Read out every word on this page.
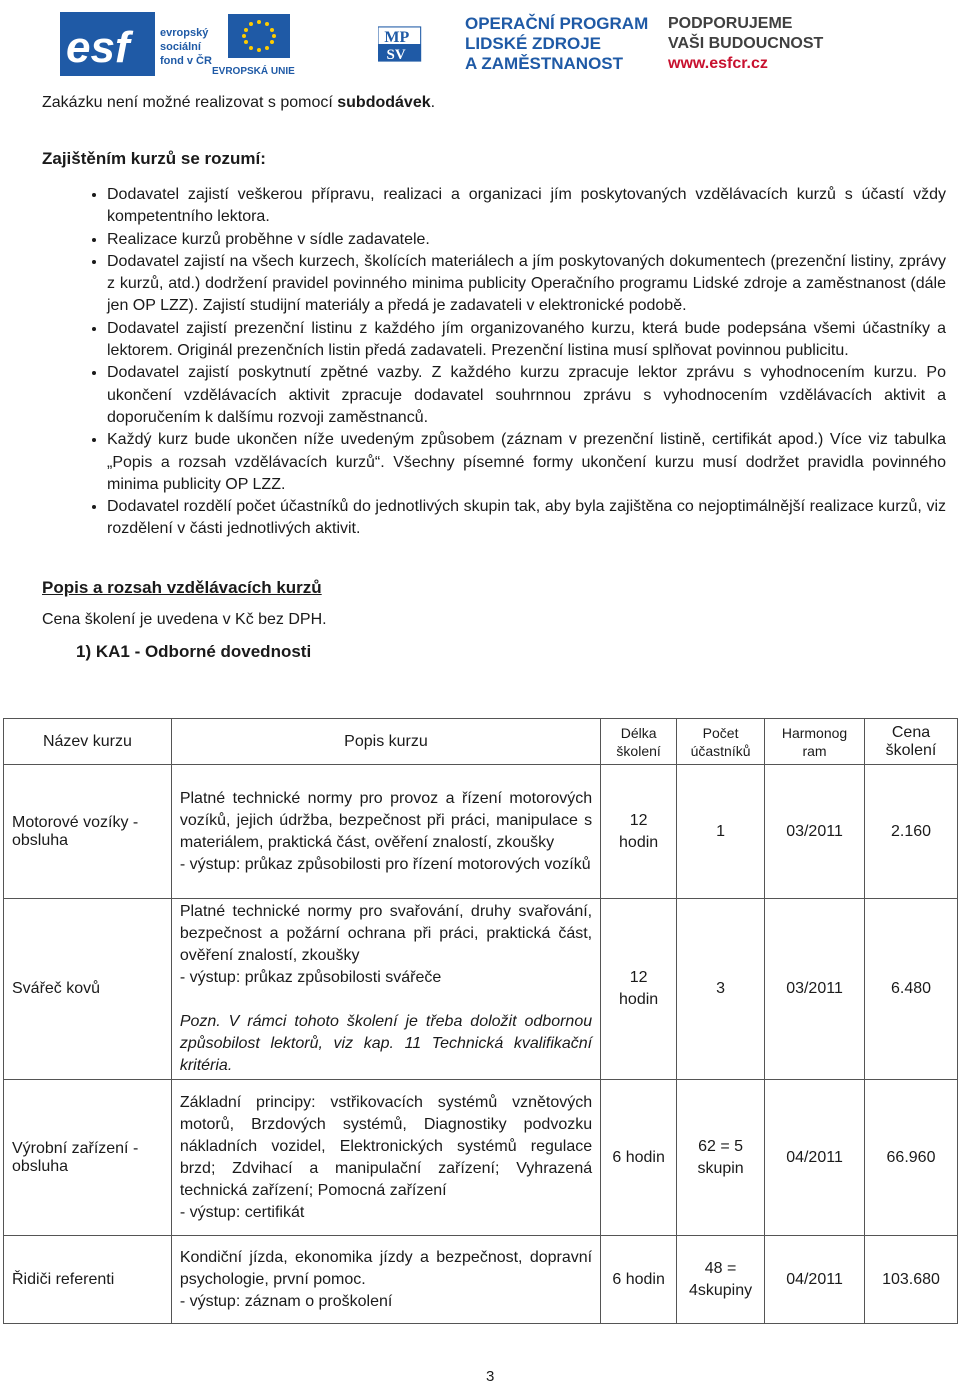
esf	evropský
sociální
fond v ČR
EVROPSKÁ UNIE
MP
SV
OPERAČNÍ PROGRAM
LIDSKÉ ZDROJE
A ZAMĚSTNANOST
PODPORUJEME
VAŠI BUDOUCNOST
www.esfcr.cz

Zakázku není možné realizovat s pomocí subdodávek.

Zajištěním kurzů se rozumí:

• Dodavatel zajistí veškerou přípravu, realizaci a organizaci jím poskytovaných vzdělávacích kurzů s účastí vždy kompetentního lektora.
• Realizace kurzů proběhne v sídle zadavatele.
• Dodavatel zajistí na všech kurzech, školících materiálech a jím poskytovaných dokumentech (prezenční listiny, zprávy z kurzů, atd.) dodržení pravidel povinného minima publicity Operačního programu Lidské zdroje a zaměstnanost (dále jen OP LZZ). Zajistí studijní materiály a předá je zadavateli v elektronické podobě.
• Dodavatel zajistí prezenční listinu z každého jím organizovaného kurzu, která bude podepsána všemi účastníky a lektorem. Originál prezenčních listin předá zadavateli. Prezenční listina musí splňovat povinnou publicitu.
• Dodavatel zajistí poskytnutí zpětné vazby. Z každého kurzu zpracuje lektor zprávu s vyhodnocením kurzu. Po ukončení vzdělávacích aktivit zpracuje dodavatel souhrnnou zprávu s vyhodnocením vzdělávacích aktivit a doporučením k dalšímu rozvoji zaměstnanců.
• Každý kurz bude ukončen níže uvedeným způsobem (záznam v prezenční listině, certifikát apod.) Více viz tabulka „Popis a rozsah vzdělávacích kurzů“. Všechny písemné formy ukončení kurzu musí dodržet pravidla povinného minima publicity OP LZZ.
• Dodavatel rozdělí počet účastníků do jednotlivých skupin tak, aby byla zajištěna co nejoptimálnější realizace kurzů, viz rozdělení v části jednotlivých aktivit.

Popis a rozsah vzdělávacích kurzů

Cena školení je uvedena v Kč bez DPH.

1) KA1 - Odborné dovednosti

Název kurzu	Popis kurzu	Délka školení	Počet účastníků	Harmonog ram	Cena školení
Motorové vozíky - obsluha	Platné technické normy pro provoz a řízení motorových vozíků, jejich údržba, bezpečnost při práci, manipulace s materiálem, praktická část, ověření znalostí, zkoušky
- výstup: průkaz způsobilosti pro řízení motorových vozíků	12 hodin	1	03/2011	2.160
Svářeč kovů	Platné technické normy pro svařování, druhy svařování, bezpečnost a požární ochrana při práci, praktická část, ověření znalostí, zkoušky
- výstup: průkaz způsobilosti svářeče
Pozn. V rámci tohoto školení je třeba doložit odbornou způsobilost lektorů, viz kap. 11 Technická kvalifikační kritéria.	12 hodin	3	03/2011	6.480
Výrobní zařízení - obsluha	Základní principy: vstřikovacích systémů vznětových motorů, Brzdových systémů, Diagnostiky podvozku nákladních vozidel, Elektronických systémů regulace brzd; Zdvihací a manipulační zařízení; Vyhrazená technická zařízení; Pomocná zařízení
- výstup: certifikát	6 hodin	62 = 5 skupin	04/2011	66.960
Řidiči referenti	Kondiční jízda, ekonomika jízdy a bezpečnost, dopravní psychologie, první pomoc.
- výstup: záznam o proškolení	6 hodin	48 = 4skupiny	04/2011	103.680
3
